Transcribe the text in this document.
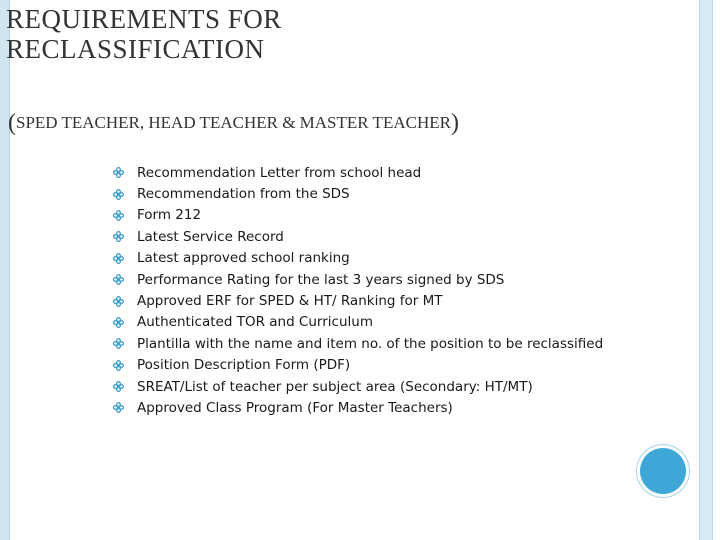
REQUIREMENTS FOR
RECLASSIFICATION
(SPED TEACHER, HEAD TEACHER & MASTER TEACHER)
Recommendation Letter from school head
Recommendation from the SDS
Form 212
Latest Service Record
Latest approved school ranking
Performance Rating for the last 3 years signed by SDS
Approved ERF for SPED & HT/ Ranking for MT
Authenticated TOR and Curriculum
Plantilla with the name and item no. of the position to be reclassified
Position Description Form (PDF)
SREAT/List of teacher per subject area (Secondary: HT/MT)
Approved Class Program (For Master Teachers)
